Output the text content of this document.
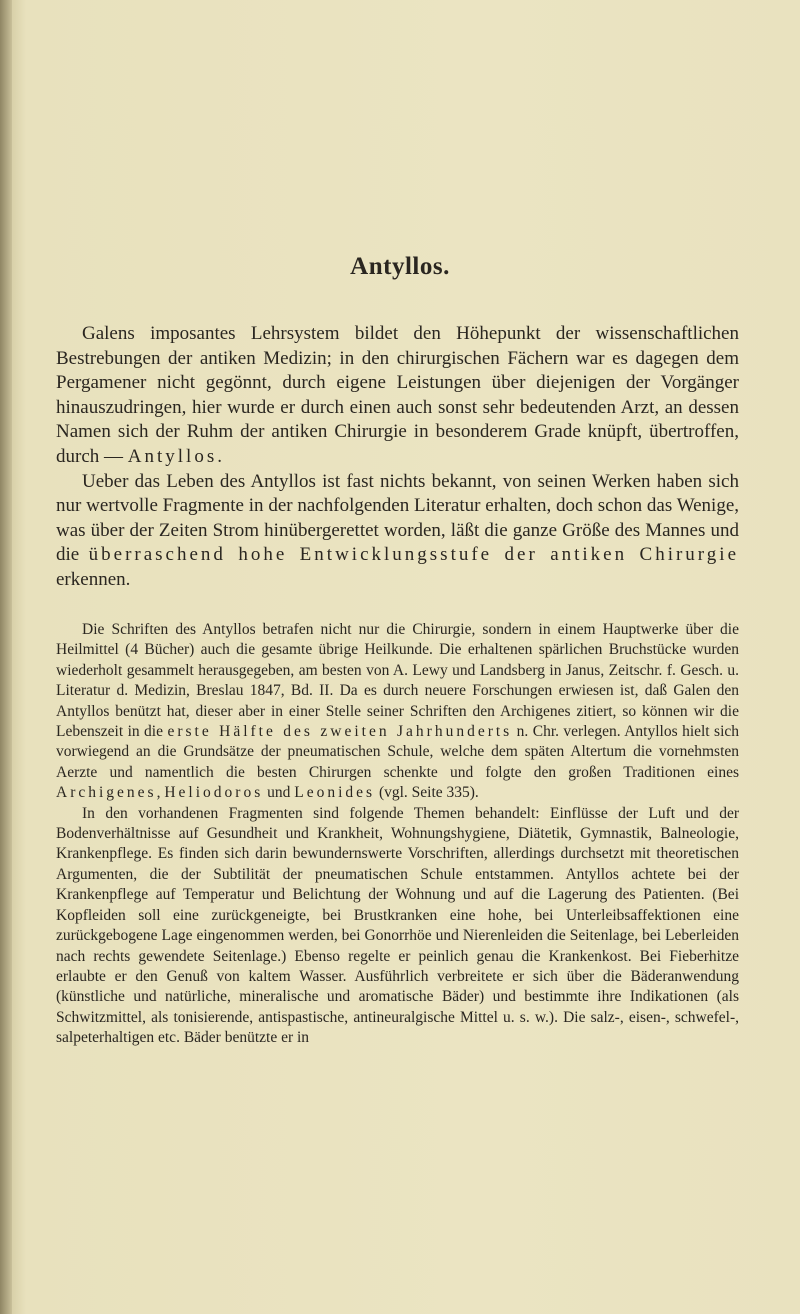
Antyllos.

Galens imposantes Lehrsystem bildet den Höhepunkt der wissenschaftlichen Bestrebungen der antiken Medizin; in den chirurgischen Fächern war es dagegen dem Pergamener nicht gegönnt, durch eigene Leistungen über diejenigen der Vorgänger hinauszudringen, hier wurde er durch einen auch sonst sehr bedeutenden Arzt, an dessen Namen sich der Ruhm der antiken Chirurgie in besonderem Grade knüpft, übertroffen, durch — Antyllos.

Ueber das Leben des Antyllos ist fast nichts bekannt, von seinen Werken haben sich nur wertvolle Fragmente in der nachfolgenden Literatur erhalten, doch schon das Wenige, was über der Zeiten Strom hinübergerettet worden, läßt die ganze Größe des Mannes und die überraschend hohe Entwicklungsstufe der antiken Chirurgie erkennen.

Die Schriften des Antyllos betrafen nicht nur die Chirurgie, sondern in einem Hauptwerke über die Heilmittel (4 Bücher) auch die gesamte übrige Heilkunde. Die erhaltenen spärlichen Bruchstücke wurden wiederholt gesammelt herausgegeben, am besten von A. Lewy und Landsberg in Janus, Zeitschr. f. Gesch. u. Literatur d. Medizin, Breslau 1847, Bd. II. Da es durch neuere Forschungen erwiesen ist, daß Galen den Antyllos benützt hat, dieser aber in einer Stelle seiner Schriften den Archigenes zitiert, so können wir die Lebenszeit in die erste Hälfte des zweiten Jahrhunderts n. Chr. verlegen. Antyllos hielt sich vorwiegend an die Grundsätze der pneumatischen Schule, welche dem späten Altertum die vornehmsten Aerzte und namentlich die besten Chirurgen schenkte und folgte den großen Traditionen eines Archigenes, Heliodoros und Leonides (vgl. Seite 335).

In den vorhandenen Fragmenten sind folgende Themen behandelt: Einflüsse der Luft und der Bodenverhältnisse auf Gesundheit und Krankheit, Wohnungshygiene, Diätetik, Gymnastik, Balneologie, Krankenpflege. Es finden sich darin bewundernswerte Vorschriften, allerdings durchsetzt mit theoretischen Argumenten, die der Subtilität der pneumatischen Schule entstammen. Antyllos achtete bei der Krankenpflege auf Temperatur und Belichtung der Wohnung und auf die Lagerung des Patienten. (Bei Kopfleiden soll eine zurückgeneigte, bei Brustkranken eine hohe, bei Unterleibsaffektionen eine zurückgebogene Lage eingenommen werden, bei Gonorrhöe und Nierenleiden die Seitenlage, bei Leberleiden nach rechts gewendete Seitenlage.) Ebenso regelte er peinlich genau die Krankenkost. Bei Fieberhitze erlaubte er den Genuß von kaltem Wasser. Ausführlich verbreitete er sich über die Bäderanwendung (künstliche und natürliche, mineralische und aromatische Bäder) und bestimmte ihre Indikationen (als Schwitzmittel, als tonisierende, antispastische, antineuralgische Mittel u. s. w.). Die salz-, eisen-, schwefel-, salpeterhaltigen etc. Bäder benützte er in
